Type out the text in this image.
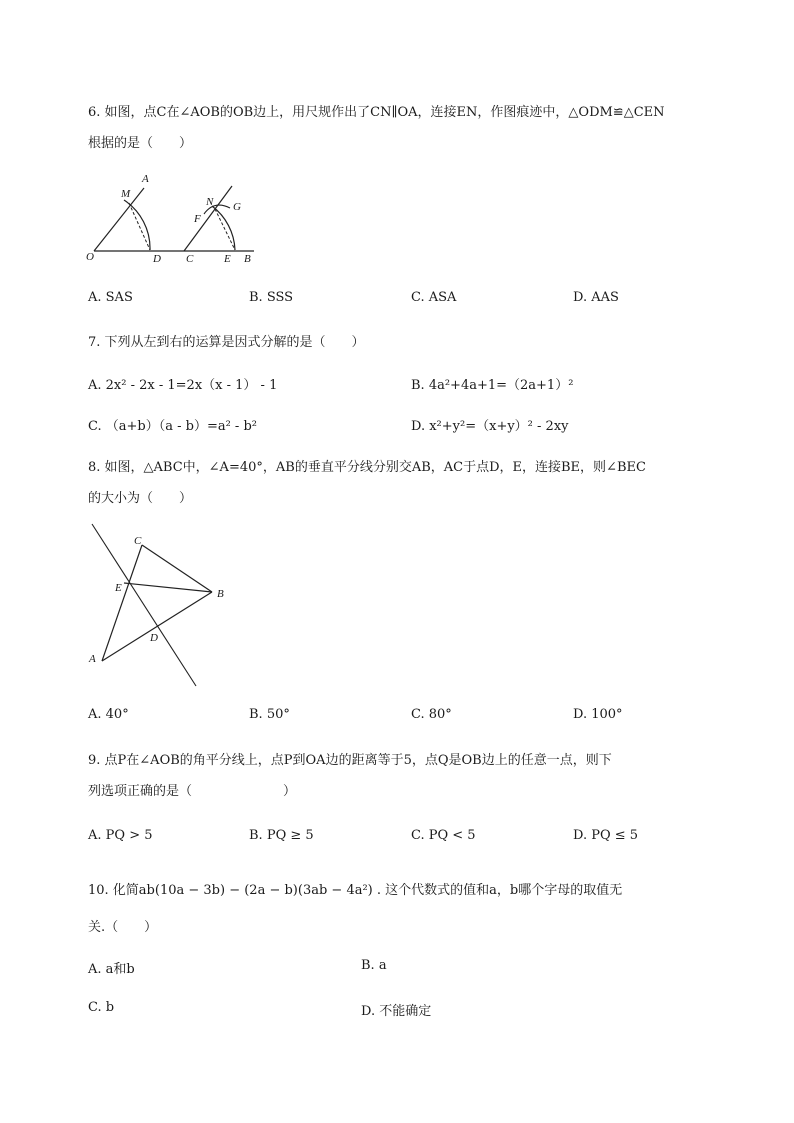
6. 如图，点C在∠AOB的OB边上，用尺规作出了CN∥OA，连接EN，作图痕迹中，△ODM≌△CEN
根据的是（　　）
A
M
O	D
N G
F
C	E B
A. SAS	B. SSS	C. ASA	D. AAS
7. 下列从左到右的运算是因式分解的是（　　）
A. 2x² - 2x - 1=2x（x - 1） - 1	B. 4a²+4a+1=（2a+1）²
C. （a+b）（a - b）=a² - b²	D. x²+y²=（x+y）² - 2xy
8. 如图，△ABC中，∠A=40°，AB的垂直平分线分别交AB，AC于点D，E，连接BE，则∠BEC
的大小为（　　）
C
E	B
D
A
A. 40°	B. 50°	C. 80°	D. 100°
9. 点P在∠AOB的角平分线上，点P到OA边的距离等于5，点Q是OB边上的任意一点，则下
列选项正确的是（　　　　　　　）
A. PQ > 5	B. PQ ≥ 5	C. PQ < 5	D. PQ ≤ 5
10. 化简ab(10a − 3b) − (2a − b)(3ab − 4a²) . 这个代数式的值和a，b哪个字母的取值无
关.（　　）
A. a和b	B. a
C. b	D. 不能确定
